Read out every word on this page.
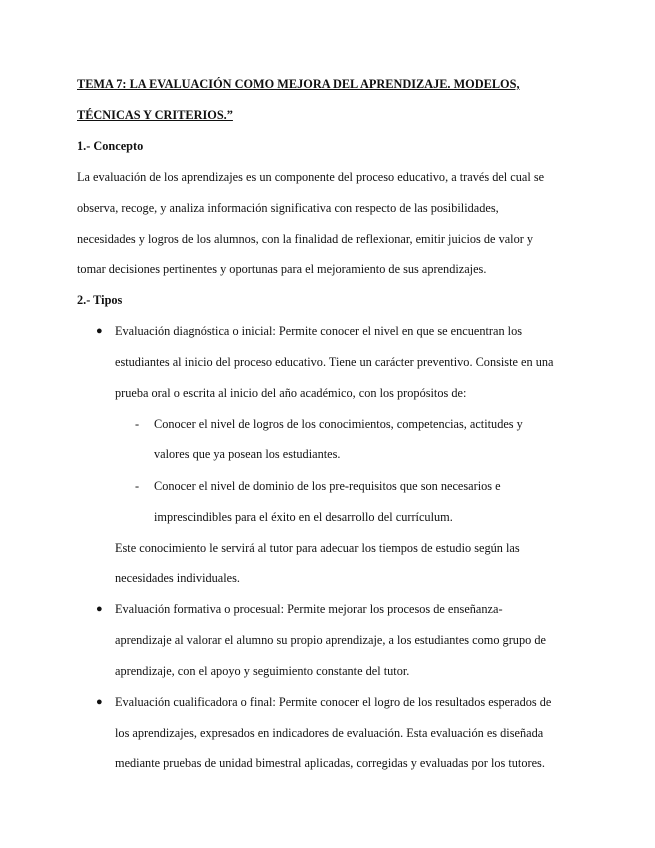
TEMA 7: LA EVALUACIÓN COMO MEJORA DEL APRENDIZAJE. MODELOS,
TÉCNICAS Y CRITERIOS.”
1.- Concepto
La evaluación de los aprendizajes es un componente del proceso educativo, a través del cual se
observa, recoge, y analiza información significativa con respecto de las posibilidades,
necesidades y logros de los alumnos, con la finalidad de reflexionar, emitir juicios de valor y
tomar decisiones pertinentes y oportunas para el mejoramiento de sus aprendizajes.
2.- Tipos
● Evaluación diagnóstica o inicial: Permite conocer el nivel en que se encuentran los
estudiantes al inicio del proceso educativo. Tiene un carácter preventivo. Consiste en una
prueba oral o escrita al inicio del año académico, con los propósitos de:
- Conocer el nivel de logros de los conocimientos, competencias, actitudes y
valores que ya posean los estudiantes.
- Conocer el nivel de dominio de los pre-requisitos que son necesarios e
imprescindibles para el éxito en el desarrollo del currículum.
Este conocimiento le servirá al tutor para adecuar los tiempos de estudio según las
necesidades individuales.
● Evaluación formativa o procesual: Permite mejorar los procesos de enseñanza-
aprendizaje al valorar el alumno su propio aprendizaje, a los estudiantes como grupo de
aprendizaje, con el apoyo y seguimiento constante del tutor.
● Evaluación cualificadora o final: Permite conocer el logro de los resultados esperados de
los aprendizajes, expresados en indicadores de evaluación. Esta evaluación es diseñada
mediante pruebas de unidad bimestral aplicadas, corregidas y evaluadas por los tutores.
